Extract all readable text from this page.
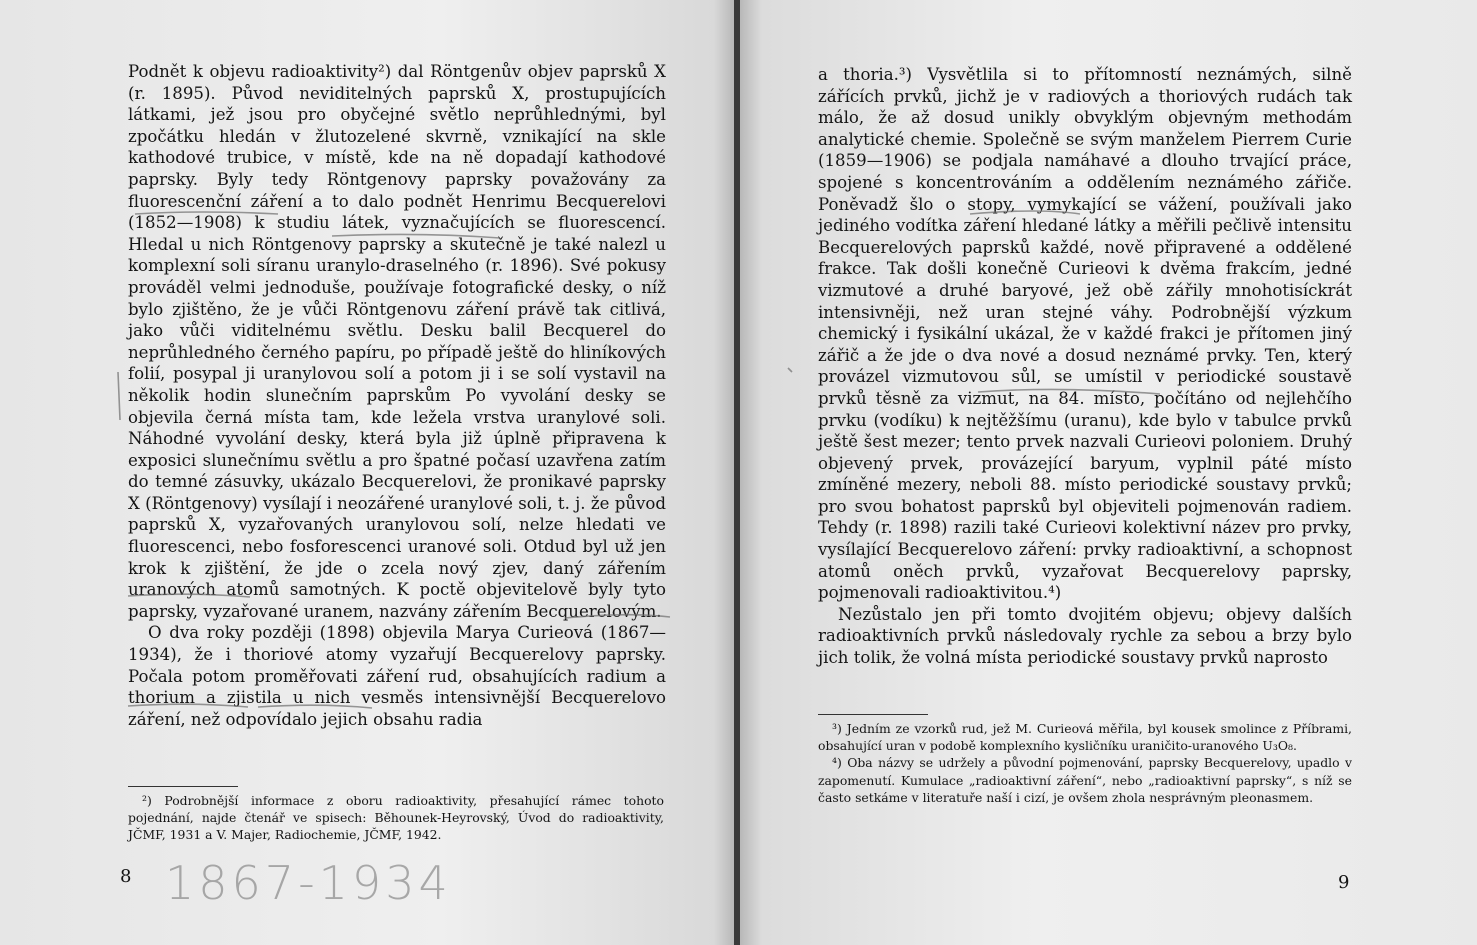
Podnět k objevu radioaktivity²) dal Röntgenův objev paprsků X (r. 1895). Původ neviditelných paprsků X, prostupujících látkami, jež jsou pro obyčejné světlo neprůhlednými, byl zpočátku hledán v žlutozelené skvrně, vznikající na skle kathodové trubice, v místě, kde na ně dopadají kathodové paprsky. Byly tedy Röntgenovy paprsky považovány za fluorescenční záření a to dalo podnět Henrimu Becquerelovi (1852—1908) k studiu látek, vyznačujících se fluorescencí. Hledal u nich Röntgenovy paprsky a skutečně je také nalezl u komplexní soli síranu uranylo-draselného (r. 1896). Své pokusy prováděl velmi jednoduše, používaje fotografické desky, o níž bylo zjištěno, že je vůči Röntgenovu záření právě tak citlivá, jako vůči viditelnému světlu. Desku balil Becquerel do neprůhledného černého papíru, po případě ještě do hliníkových folií, posypal ji uranylovou solí a potom ji i se solí vystavil na několik hodin slunečním paprskům Po vyvolání desky se objevila černá místa tam, kde ležela vrstva uranylové soli. Náhodné vyvolání desky, která byla již úplně připravena k exposici slunečnímu světlu a pro špatné počasí uzavřena zatím do temné zásuvky, ukázalo Becquerelovi, že pronikavé paprsky X (Röntgenovy) vysílají i neozářené uranylové soli, t. j. že původ paprsků X, vyzařovaných uranylovou solí, nelze hledati ve fluorescenci, nebo fosforescenci uranové soli. Otdud byl už jen krok k zjištění, že jde o zcela nový zjev, daný zářením uranových atomů samotných. K poctě objevitelově byly tyto paprsky, vyzařované uranem, nazvány zářením Becquerelovým.

O dva roky později (1898) objevila Marya Curieová (1867—1934), že i thoriové atomy vyzařují Becquerelovy paprsky. Počala potom proměřovati záření rud, obsahujících radium a thorium a zjistila u nich vesměs intensivnější Becquerelovo záření, než odpovídalo jejich obsahu radia

²) Podrobnější informace z oboru radioaktivity, přesahující rámec tohoto pojednání, najde čtenář ve spisech: Běhounek-Heyrovský, Úvod do radioaktivity, JČMF, 1931 a V. Majer, Radiochemie, JČMF, 1942.

8 1867-1934

a thoria.³) Vysvětlila si to přítomností neznámých, silně zářících prvků, jichž je v radiových a thoriových rudách tak málo, že až dosud unikly obvyklým objevným methodám analytické chemie. Společně se svým manželem Pierrem Curie (1859—1906) se podjala namáhavé a dlouho trvající práce, spojené s koncentrováním a oddělením neznámého zářiče. Poněvadž šlo o stopy, vymykající se vážení, používali jako jediného vodítka záření hledané látky a měřili pečlivě intensitu Becquerelových paprsků každé, nově připravené a oddělené frakce. Tak došli konečně Curieovi k dvěma frakcím, jedné vizmutové a druhé baryové, jež obě zářily mnohotisíckrát intensivněji, než uran stejné váhy. Podrobnější výzkum chemický i fysikální ukázal, že v každé frakci je přítomen jiný zářič a že jde o dva nové a dosud neznámé prvky. Ten, který provázel vizmutovou sůl, se umístil v periodické soustavě prvků těsně za vizmut, na 84. místo, počítáno od nejlehčího prvku (vodíku) k nejtěžšímu (uranu), kde bylo v tabulce prvků ještě šest mezer; tento prvek nazvali Curieovi poloniem. Druhý objevený prvek, provázející baryum, vyplnil páté místo zmíněné mezery, neboli 88. místo periodické soustavy prvků; pro svou bohatost paprsků byl objeviteli pojmenován radiem. Tehdy (r. 1898) razili také Curieovi kolektivní název pro prvky, vysílající Becquerelovo záření: prvky radioaktivní, a schopnost atomů oněch prvků, vyzařovat Becquerelovy paprsky, pojmenovali radioaktivitou.⁴)

Nezůstalo jen při tomto dvojitém objevu; objevy dalších radioaktivních prvků následovaly rychle za sebou a brzy bylo jich tolik, že volná místa periodické soustavy prvků naprosto

³) Jedním ze vzorků rud, jež M. Curieová měřila, byl kousek smolince z Příbrami, obsahující uran v podobě komplexního kysličníku uraničito-uranového U₃O₈.

⁴) Oba názvy se udržely a původní pojmenování, paprsky Becquerelovy, upadlo v zapomenutí. Kumulace „radioaktivní záření“, nebo „radioaktivní paprsky“, s níž se často setkáme v literatuře naší i cizí, je ovšem zhola nesprávným pleonasmem.

9
